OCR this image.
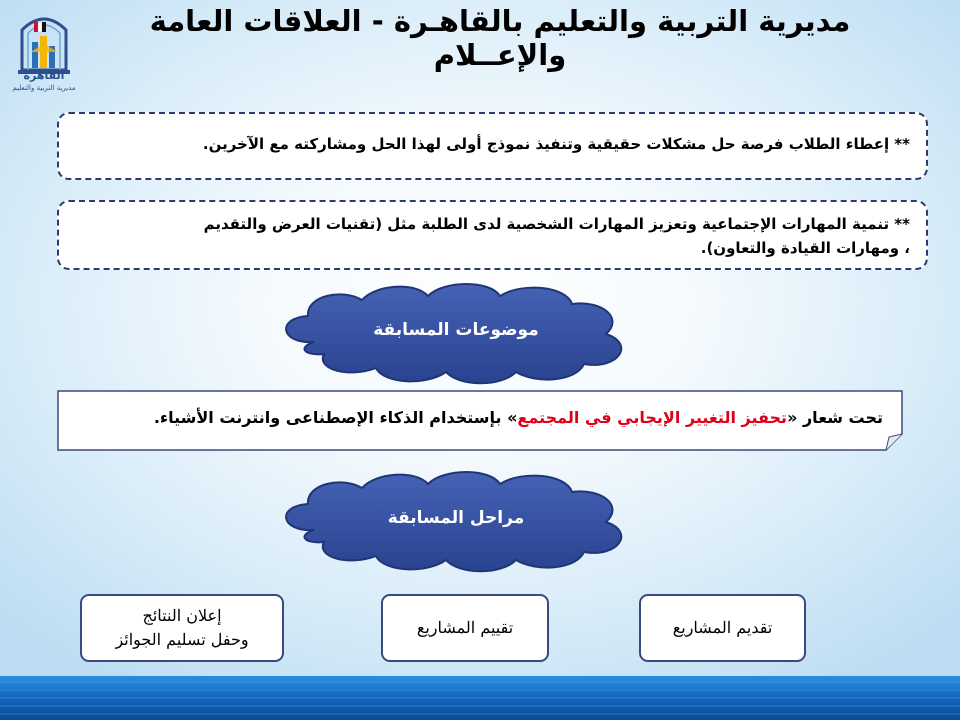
القاهرة
مديرية التربية والتعليم
مديرية التربية والتعليم بالقاهـرة - العلاقات العامة والإعــلام
** إعطاء الطلاب فرصة حل مشكلات حقيقية وتنفيذ نموذج أولى لهذا الحل ومشاركته مع الآخرين.
** تنمية المهارات الإجتماعية وتعزيز المهارات الشخصية لدى الطلبة مثل (تقنيات العرض والتقديم
، ومهارات القيادة والتعاون).
موضوعات المسابقة
تحت شعار «تحفيز التغيير الإيجابي في المجتمع» بإستخدام الذكاء الإصطناعى وانترنت الأشياء.
مراحل المسابقة
تقديم المشاريع
تقييم المشاريع
إعلان النتائج
وحفل تسليم الجوائز
